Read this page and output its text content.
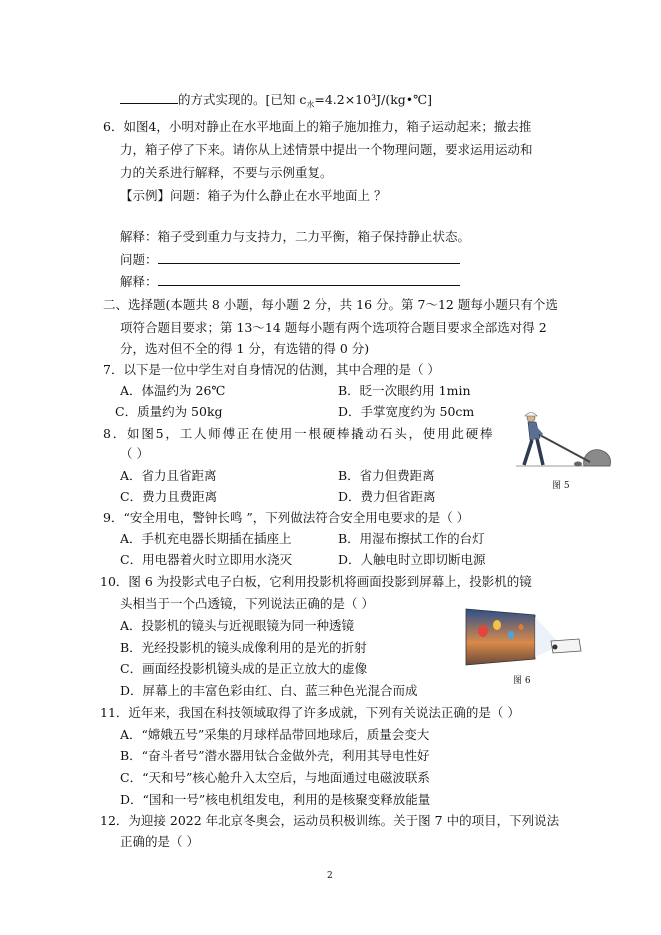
的方式实现的。[已知 $c_水=4.2\times 10^3J/(kg•℃]$
6．如图4，小明对静止在水平地面上的箱子施加推力，箱子运动起来；撤去推
力，箱子停了下来。请你从上述情景中提出一个物理问题，要求运用运动和
力的关系进行解释，不要与示例重复。
【示例】问题：箱子为什么静止在水平地面上 ？
解释：箱子受到重力与支持力，二力平衡，箱子保持静止状态。
问题：
解释：
二、选择题(本题共 8 小题，每小题 2 分，共 16 分。第 7～12 题每小题只有个选
项符合题目要求；第 13～14 题每小题有两个选项符合题目要求全部选对得 2
分，选对但不全的得 1 分，有选错的得 0 分)
7．以下是一位中学生对自身情况的估测，其中合理的是（ ）
A．体温约为 26℃	B．眨一次眼约用 1min
C．质量约为 50kg	D．手掌宽度约为 50cm
8．如图5，工人师傅正在使用一根硬棒撬动石头，使用此硬棒
（ ）
A．省力且省距离	B．省力但费距离
C．费力且费距离	D．费力但省距离
图 5
9．“安全用电，警钟长鸣 ”，下列做法符合安全用电要求的是（ ）
A．手机充电器长期插在插座上	B．用湿布擦拭工作的台灯
C．用电器着火时立即用水浇灭	D．人触电时立即切断电源
10．图 6 为投影式电子白板，它利用投影机将画面投影到屏幕上，投影机的镜
头相当于一个凸透镜，下列说法正确的是（ ）
A．投影机的镜头与近视眼镜为同一种透镜
B．光经投影机的镜头成像利用的是光的折射
C．画面经投影机镜头成的是正立放大的虚像
D．屏幕上的丰富色彩由红、白、蓝三种色光混合而成
图 6
11．近年来，我国在科技领域取得了许多成就，下列有关说法正确的是（ ）
A．“嫦娥五号”采集的月球样品带回地球后，质量会变大
B．“奋斗者号”潜水器用钛合金做外壳，利用其导电性好
C．“天和号”核心舱升入太空后，与地面通过电磁波联系
D．“国和一号”核电机组发电，利用的是核聚变释放能量
12．为迎接 2022 年北京冬奥会，运动员积极训练。关于图 7 中的项目，下列说法
正确的是（ ）
2
